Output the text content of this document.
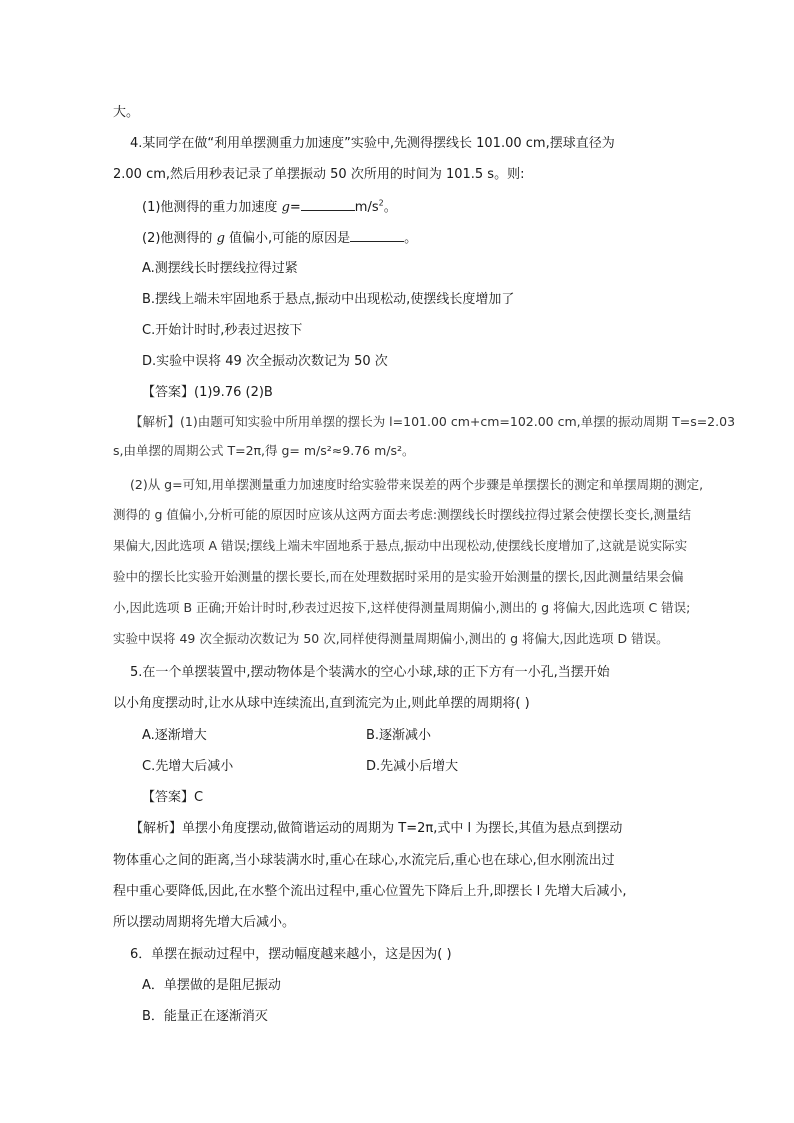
大。
4.某同学在做“利用单摆测重力加速度”实验中,先测得摆线长 101.00 cm,摆球直径为
2.00 cm,然后用秒表记录了单摆振动 50 次所用的时间为 101.5 s。则:
(1)他测得的重力加速度 g=	$m/s^2$。
(2)他测得的 g 值偏小,可能的原因是	。
A.测摆线长时摆线拉得过紧
B.摆线上端未牢固地系于悬点,振动中出现松动,使摆线长度增加了
C.开始计时时,秒表过迟按下
D.实验中误将 49 次全振动次数记为 50 次
【答案】(1)9.76 (2)B
【解析】(1)由题可知实验中所用单摆的摆长为 l=101.00 cm+cm=102.00 cm,单摆的振动周期 T=s=2.03
s,由单摆的周期公式 T=2π,得 g= m/s²≈9.76 m/s²。
(2)从 g=可知,用单摆测量重力加速度时给实验带来误差的两个步骤是单摆摆长的测定和单摆周期的测定,
测得的 g 值偏小,分析可能的原因时应该从这两方面去考虑:测摆线长时摆线拉得过紧会使摆长变长,测量结
果偏大,因此选项 A 错误;摆线上端未牢固地系于悬点,振动中出现松动,使摆线长度增加了,这就是说实际实
验中的摆长比实验开始测量的摆长要长,而在处理数据时采用的是实验开始测量的摆长,因此测量结果会偏
小,因此选项 B 正确;开始计时时,秒表过迟按下,这样使得测量周期偏小,测出的 g 将偏大,因此选项 C 错误;
实验中误将 49 次全振动次数记为 50 次,同样使得测量周期偏小,测出的 g 将偏大,因此选项 D 错误。
5.在一个单摆装置中,摆动物体是个装满水的空心小球,球的正下方有一小孔,当摆开始
以小角度摆动时,让水从球中连续流出,直到流完为止,则此单摆的周期将( )
A.逐渐增大	B.逐渐减小
C.先增大后减小	D.先减小后增大
【答案】C
【解析】单摆小角度摆动,做简谐运动的周期为 T=2π,式中 l 为摆长,其值为悬点到摆动
物体重心之间的距离,当小球装满水时,重心在球心,水流完后,重心也在球心,但水刚流出过
程中重心要降低,因此,在水整个流出过程中,重心位置先下降后上升,即摆长 l 先增大后减小,
所以摆动周期将先增大后减小。
6．单摆在振动过程中，摆动幅度越来越小，这是因为( )
A．单摆做的是阻尼振动
B．能量正在逐渐消灭
